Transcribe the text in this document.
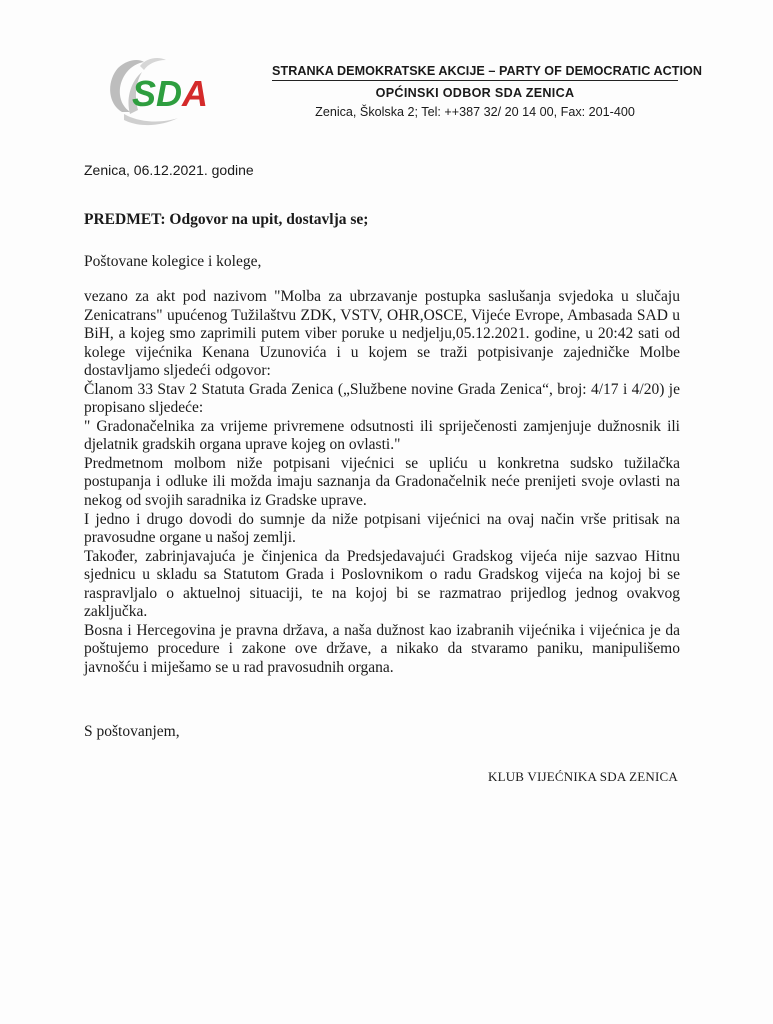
SDA
STRANKA DEMOKRATSKE AKCIJE – PARTY OF DEMOCRATIC ACTION
OPĆINSKI ODBOR SDA ZENICA
Zenica, Školska 2; Tel: ++387 32/ 20 14 00, Fax: 201-400
Zenica, 06.12.2021. godine
PREDMET: Odgovor na upit, dostavlja se;
Poštovane kolegice i kolege,

vezano za akt pod nazivom "Molba za ubrzavanje postupka saslušanja svjedoka u slučaju Zenicatrans" upućenog Tužilaštvu ZDK, VSTV, OHR,OSCE, Vijeće Evrope, Ambasada SAD u BiH, a kojeg smo zaprimili putem viber poruke u nedjelju,05.12.2021. godine, u 20:42 sati od kolege vijećnika Kenana Uzunovića i u kojem se traži potpisivanje zajedničke Molbe dostavljamo sljedeći odgovor:

Članom 33 Stav 2 Statuta Grada Zenica („Službene novine Grada Zenica“, broj: 4/17 i 4/20) je propisano sljedeće:

" Gradonačelnika za vrijeme privremene odsutnosti ili spriječenosti zamjenjuje dužnosnik ili djelatnik gradskih organa uprave kojeg on ovlasti."

Predmetnom molbom niže potpisani vijećnici se upliću u konkretna sudsko tužilačka postupanja i odluke ili možda imaju saznanja da Gradonačelnik neće prenijeti svoje ovlasti na nekog od svojih saradnika iz Gradske uprave.

I jedno i drugo dovodi do sumnje da niže potpisani vijećnici na ovaj način vrše pritisak na pravosudne organe u našoj zemlji.

Također, zabrinjavajuća je činjenica da Predsjedavajući Gradskog vijeća nije sazvao Hitnu sjednicu u skladu sa Statutom Grada i Poslovnikom o radu Gradskog vijeća na kojoj bi se raspravljalo o aktuelnoj situaciji, te na kojoj bi se razmatrao prijedlog jednog ovakvog zaključka.

Bosna i Hercegovina je pravna država, a naša dužnost kao izabranih vijećnika i vijećnica je da poštujemo procedure i zakone ove države, a nikako da stvaramo paniku, manipulišemo javnošću i miješamo se u rad pravosudnih organa.

S poštovanjem,
KLUB VIJEĆNIKA SDA ZENICA
